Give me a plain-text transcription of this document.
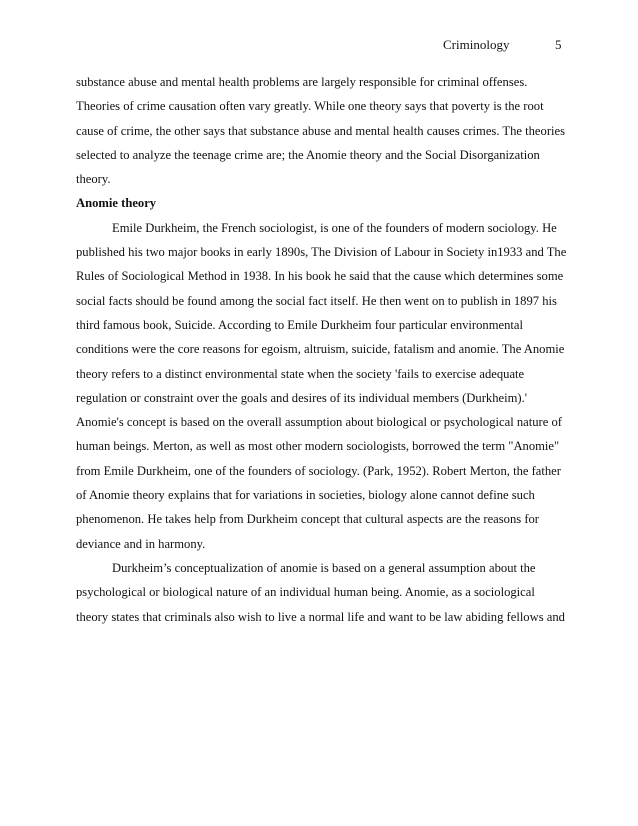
Criminology	5
substance abuse and mental health problems are largely responsible for criminal offenses.
Theories of crime causation often vary greatly. While one theory says that poverty is the root
cause of crime, the other says that substance abuse and mental health causes crimes. The theories
selected to analyze the teenage crime are; the Anomie theory and the Social Disorganization
theory.
Anomie theory
Emile Durkheim, the French sociologist, is one of the founders of modern sociology. He
published his two major books in early 1890s, The Division of Labour in Society in1933 and The
Rules of Sociological Method in 1938. In his book he said that the cause which determines some
social facts should be found among the social fact itself. He then went on to publish in 1897 his
third famous book, Suicide. According to Emile Durkheim four particular environmental
conditions were the core reasons for egoism, altruism, suicide, fatalism and anomie. The Anomie
theory refers to a distinct environmental state when the society 'fails to exercise adequate
regulation or constraint over the goals and desires of its individual members (Durkheim).'
Anomie's concept is based on the overall assumption about biological or psychological nature of
human beings. Merton, as well as most other modern sociologists, borrowed the term "Anomie"
from Emile Durkheim, one of the founders of sociology. (Park, 1952). Robert Merton, the father
of Anomie theory explains that for variations in societies, biology alone cannot define such
phenomenon. He takes help from Durkheim concept that cultural aspects are the reasons for
deviance and in harmony.
Durkheim’s conceptualization of anomie is based on a general assumption about the
psychological or biological nature of an individual human being. Anomie, as a sociological
theory states that criminals also wish to live a normal life and want to be law abiding fellows and
